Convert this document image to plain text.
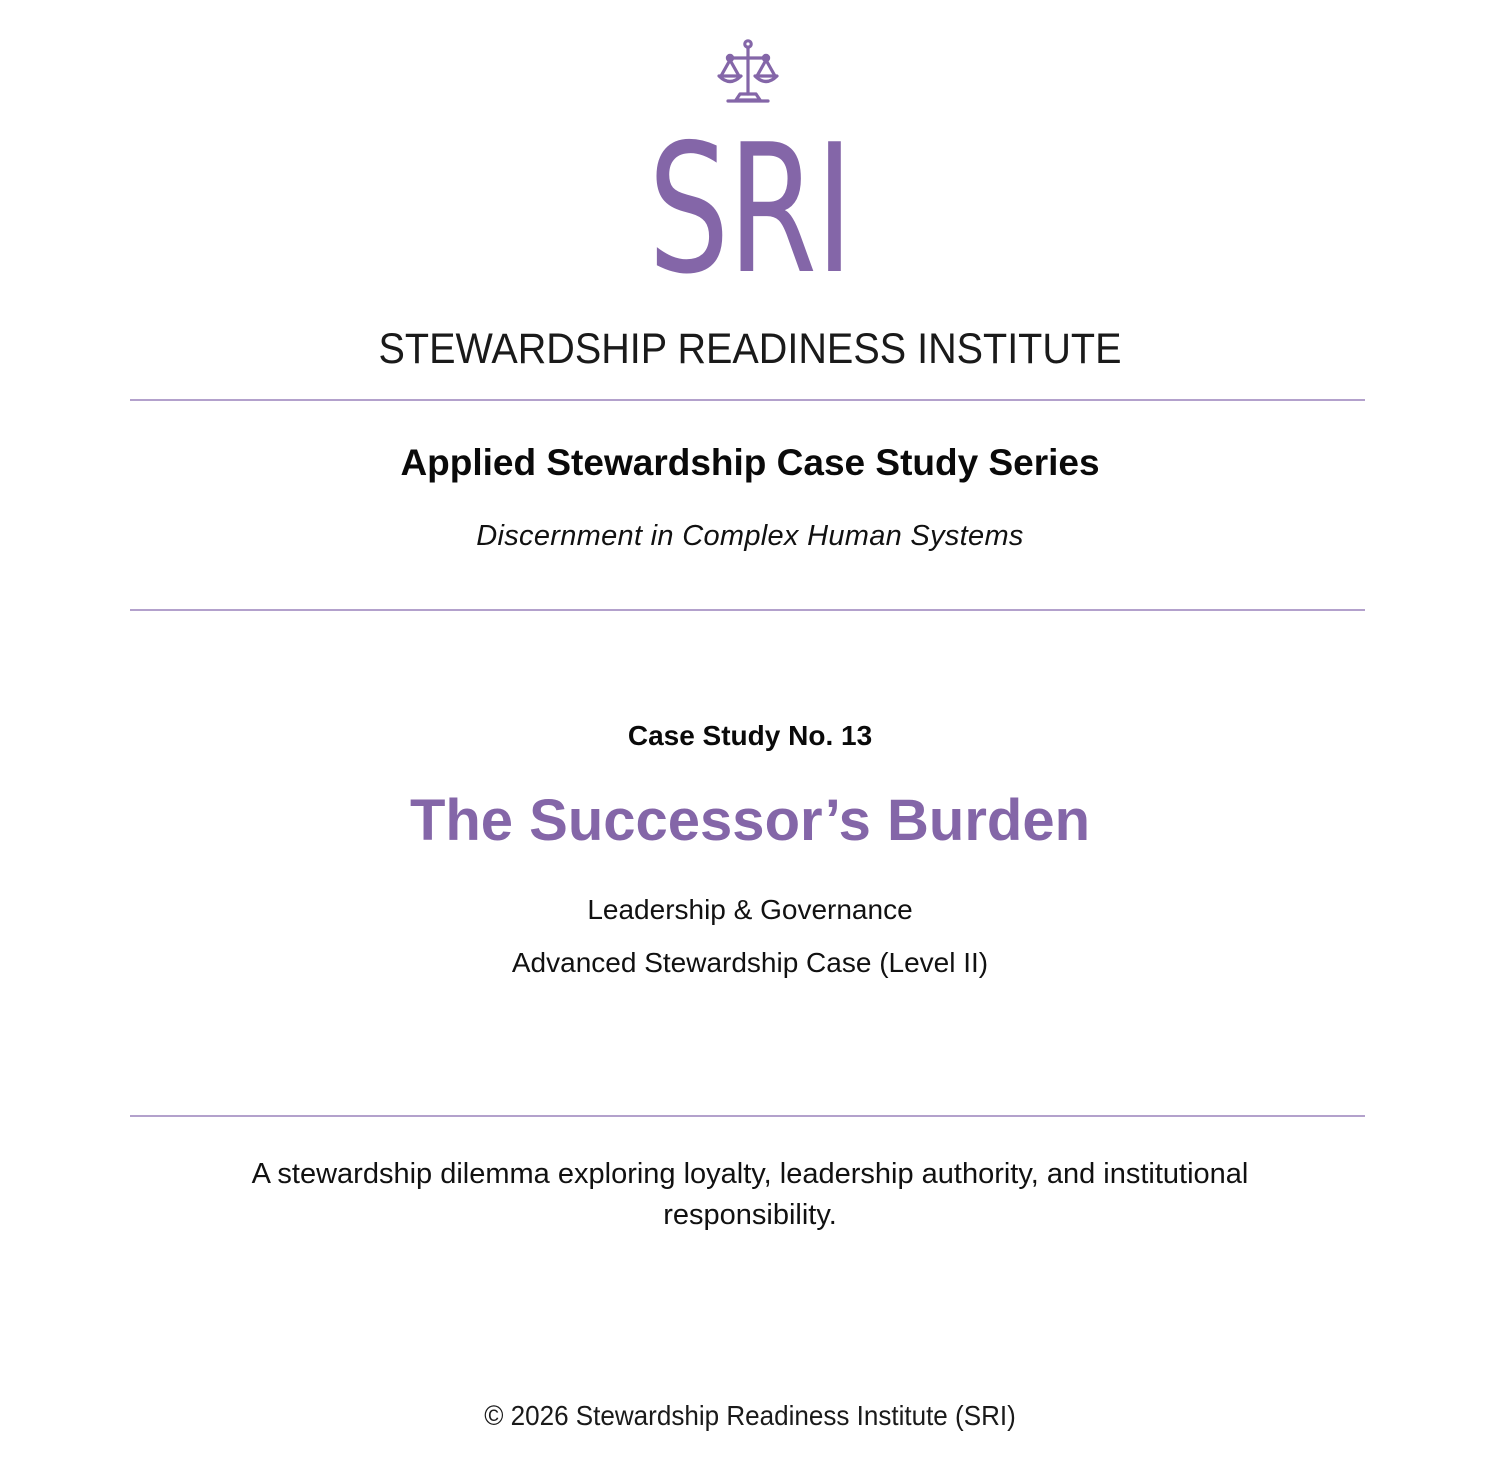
SRI
STEWARDSHIP READINESS INSTITUTE
Applied Stewardship Case Study Series
Discernment in Complex Human Systems
Case Study No. 13
The Successor’s Burden
Leadership & Governance
Advanced Stewardship Case (Level II)
A stewardship dilemma exploring loyalty, leadership authority, and institutional responsibility.
© 2026 Stewardship Readiness Institute (SRI)
